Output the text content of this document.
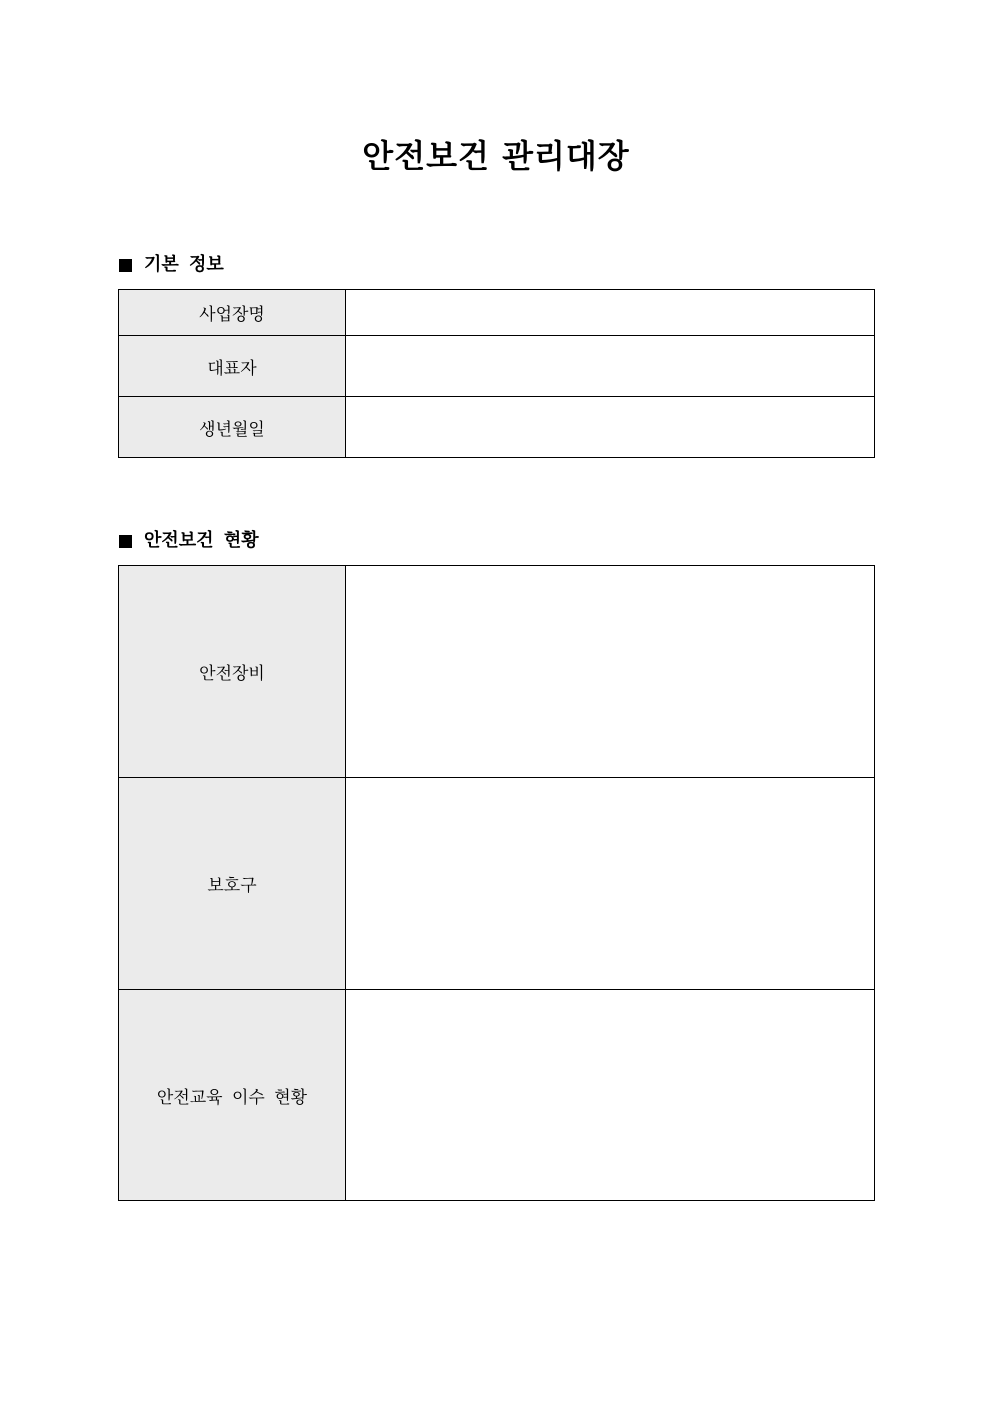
안전보건 관리대장
기본 정보
사업장명	
대표자	
생년월일	
안전보건 현황
안전장비	
보호구	
안전교육 이수 현황	
